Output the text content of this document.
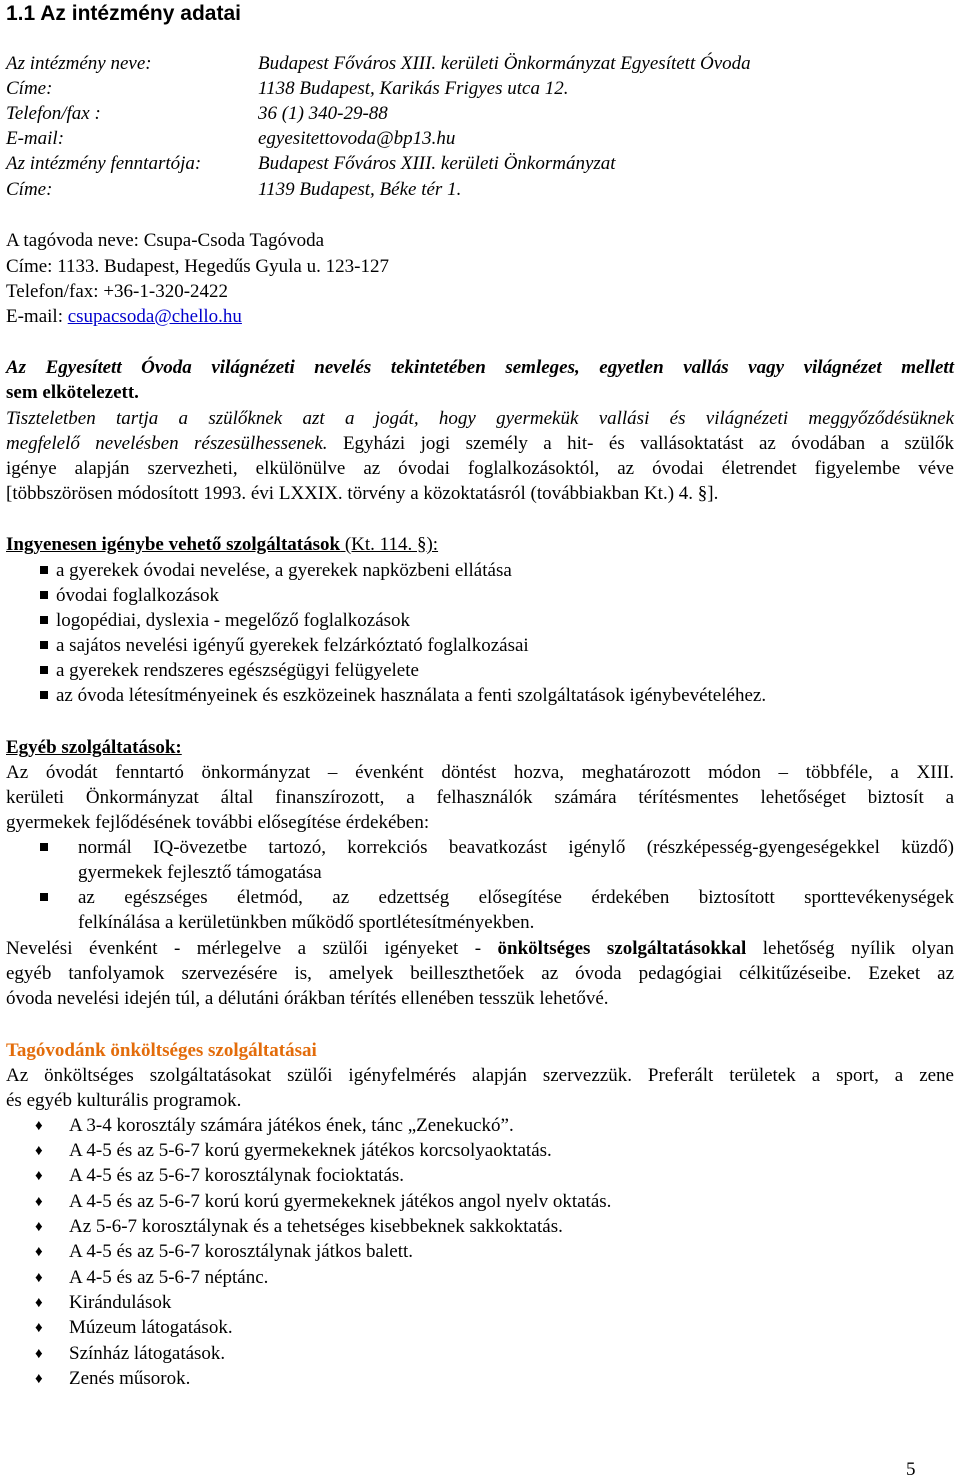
1.1 Az intézmény adatai
Az intézmény neve:	Budapest Főváros XIII. kerületi Önkormányzat Egyesített Óvoda
Címe:	1138 Budapest, Karikás Frigyes utca 12.
Telefon/fax :	36 (1) 340-29-88
E-mail:	egyesitettovoda@bp13.hu
Az intézmény fenntartója:	Budapest Főváros XIII. kerületi Önkormányzat
Címe:	1139 Budapest, Béke tér 1.
A tagóvoda neve: Csupa-Csoda Tagóvoda
Címe: 1133. Budapest, Hegedűs Gyula u. 123-127
Telefon/fax: +36-1-320-2422
E-mail: csupacsoda@chello.hu
Az Egyesített Óvoda világnézeti nevelés tekintetében semleges, egyetlen vallás vagy világnézet mellett
sem elkötelezett.
Tiszteletben tartja a szülőknek azt a jogát, hogy gyermekük vallási és világnézeti meggyőződésüknek
megfelelő nevelésben részesülhessenek. Egyházi jogi személy a hit- és vallásoktatást az óvodában a szülők
igénye alapján szervezheti, elkülönülve az óvodai foglalkozásoktól, az óvodai életrendet figyelembe véve
[többszörösen módosított 1993. évi LXXIX. törvény a közoktatásról (továbbiakban Kt.) 4. §].
Ingyenesen igénybe vehető szolgáltatások (Kt. 114. §):
a gyerekek óvodai nevelése, a gyerekek napközbeni ellátása
óvodai foglalkozások
logopédiai, dyslexia - megelőző foglalkozások
a sajátos nevelési igényű gyerekek felzárkóztató foglalkozásai
a gyerekek rendszeres egészségügyi felügyelete
az óvoda létesítményeinek és eszközeinek használata a fenti szolgáltatások igénybevételéhez.
Egyéb szolgáltatások:
Az óvodát fenntartó önkormányzat – évenként döntést hozva, meghatározott módon – többféle, a XIII.
kerületi Önkormányzat által finanszírozott, a felhasználók számára térítésmentes lehetőséget biztosít a
gyermekek fejlődésének további elősegítése érdekében:
normál IQ-övezetbe tartozó, korrekciós beavatkozást igénylő (részképesség-gyengeségekkel küzdő)
gyermekek fejlesztő támogatása
az egészséges életmód, az edzettség elősegítése érdekében biztosított sporttevékenységek
felkínálása a kerületünkben működő sportlétesítményekben.
Nevelési évenként - mérlegelve a szülői igényeket - önköltséges szolgáltatásokkal lehetőség nyílik olyan
egyéb tanfolyamok szervezésére is, amelyek beilleszthetőek az óvoda pedagógiai célkitűzéseibe. Ezeket az
óvoda nevelési idején túl, a délutáni órákban térítés ellenében tesszük lehetővé.
Tagóvodánk önköltséges szolgáltatásai
Az önköltséges szolgáltatásokat szülői igényfelmérés alapján szervezzük. Preferált területek a sport, a zene
és egyéb kulturális programok.
♦ A 3-4 korosztály számára játékos ének, tánc „Zenekuckó”.
♦ A 4-5 és az 5-6-7 korú gyermekeknek játékos korcsolyaoktatás.
♦ A 4-5 és az 5-6-7 korosztálynak focioktatás.
♦ A 4-5 és az 5-6-7 korú korú gyermekeknek játékos angol nyelv oktatás.
♦ Az 5-6-7 korosztálynak és a tehetséges kisebbeknek sakkoktatás.
♦ A 4-5 és az 5-6-7 korosztálynak játkos balett.
♦ A 4-5 és az 5-6-7 néptánc.
♦ Kirándulások
♦ Múzeum látogatások.
♦ Színház látogatások.
♦ Zenés műsorok.
5
